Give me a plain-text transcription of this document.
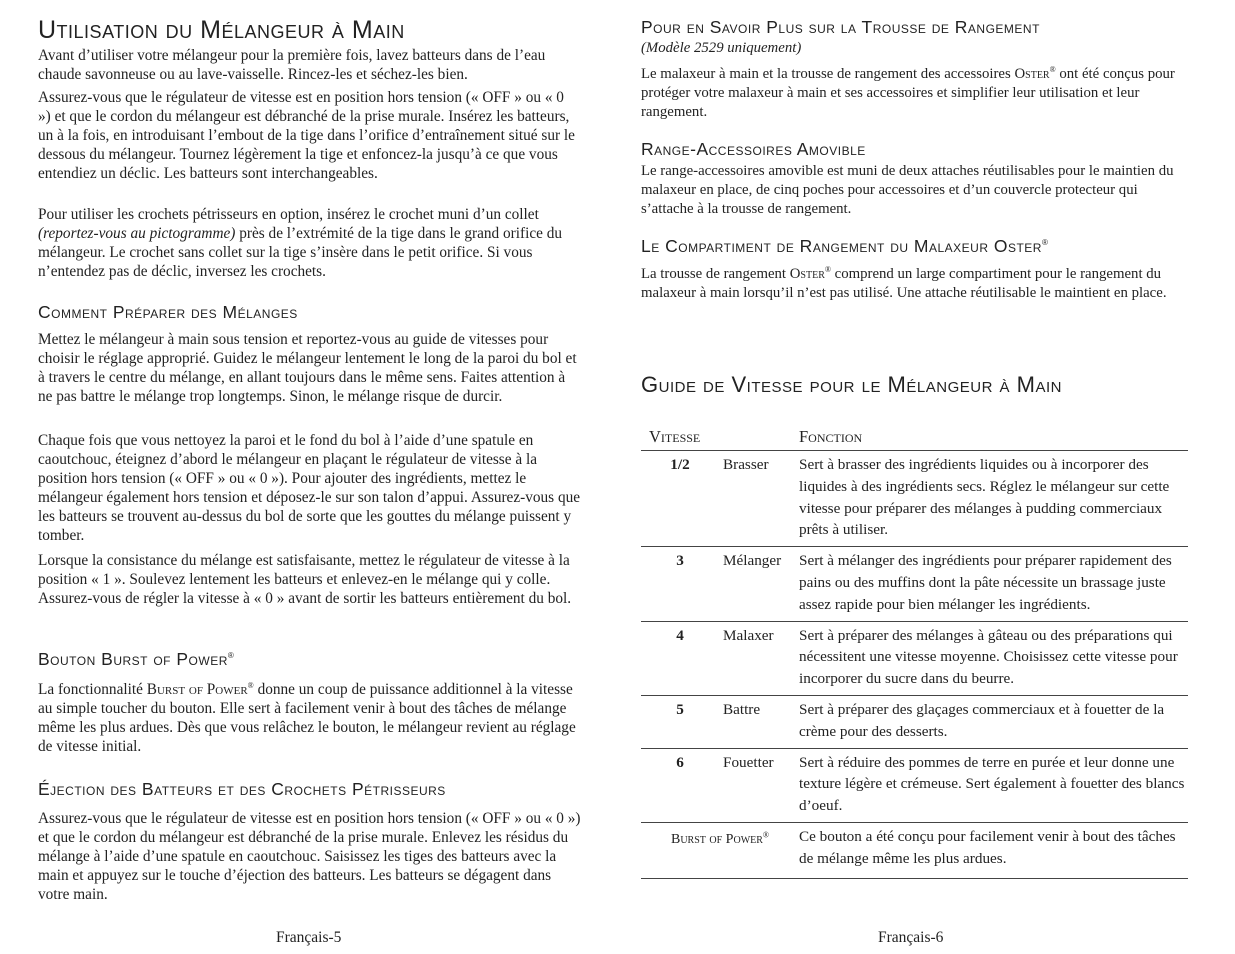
Utilisation du Mélangeur à Main

Avant d’utiliser votre mélangeur pour la première fois, lavez batteurs dans de l’eau chaude savonneuse ou au lave-vaisselle. Rincez-les et séchez-les bien.

Assurez-vous que le régulateur de vitesse est en position hors tension (« OFF » ou « 0 ») et que le cordon du mélangeur est débranché de la prise murale. Insérez les batteurs, un à la fois, en introduisant l’embout de la tige dans l’orifice d’entraînement situé sur le dessous du mélangeur. Tournez légèrement la tige et enfoncez-la jusqu’à ce que vous entendiez un déclic. Les batteurs sont interchangeables.

Pour utiliser les crochets pétrisseurs en option, insérez le crochet muni d’un collet (reportez-vous au pictogramme) près de l’extrémité de la tige dans le grand orifice du mélangeur. Le crochet sans collet sur la tige s’insère dans le petit orifice. Si vous n’entendez pas de déclic, inversez les crochets.

Comment Préparer des Mélanges

Mettez le mélangeur à main sous tension et reportez-vous au guide de vitesses pour choisir le réglage approprié. Guidez le mélangeur lentement le long de la paroi du bol et à travers le centre du mélange, en allant toujours dans le même sens. Faites attention à ne pas battre le mélange trop longtemps. Sinon, le mélange risque de durcir.

Chaque fois que vous nettoyez la paroi et le fond du bol à l’aide d’une spatule en caoutchouc, éteignez d’abord le mélangeur en plaçant le régulateur de vitesse à la position hors tension (« OFF » ou « 0 »). Pour ajouter des ingrédients, mettez le mélangeur également hors tension et déposez-le sur son talon d’appui. Assurez-vous que les batteurs se trouvent au-dessus du bol de sorte que les gouttes du mélange puissent y tomber.

Lorsque la consistance du mélange est satisfaisante, mettez le régulateur de vitesse à la position « 1 ». Soulevez lentement les batteurs et enlevez-en le mélange qui y colle. Assurez-vous de régler la vitesse à « 0 » avant de sortir les batteurs entièrement du bol.

Bouton Burst of Power®

La fonctionnalité Burst of Power® donne un coup de puissance additionnel à la vitesse au simple toucher du bouton. Elle sert à facilement venir à bout des tâches de mélange même les plus ardues. Dès que vous relâchez le bouton, le mélangeur revient au réglage de vitesse initial.

Éjection des Batteurs et des Crochets Pétrisseurs

Assurez-vous que le régulateur de vitesse est en position hors tension (« OFF » ou « 0 ») et que le cordon du mélangeur est débranché de la prise murale. Enlevez les résidus du mélange à l’aide d’une spatule en caoutchouc. Saisissez les tiges des batteurs avec la main et appuyez sur le touche d’éjection des batteurs. Les batteurs se dégagent dans votre main.

Français-5
Pour en Savoir Plus sur la Trousse de Rangement

(Modèle 2529 uniquement)

Le malaxeur à main et la trousse de rangement des accessoires Oster® ont été conçus pour protéger votre malaxeur à main et ses accessoires et simplifier leur utilisation et leur rangement.

Range-Accessoires Amovible

Le range-accessoires amovible est muni de deux attaches réutilisables pour le maintien du malaxeur en place, de cinq poches pour accessoires et d’un couvercle protecteur qui s’attache à la trousse de rangement.

Le Compartiment de Rangement du Malaxeur Oster®

La trousse de rangement Oster® comprend un large compartiment pour le rangement du malaxeur à main lorsqu’il n’est pas utilisé. Une attache réutilisable le maintient en place.

Guide de Vitesse pour le Mélangeur à Main
Vitesse		Fonction
1/2	Brasser	Sert à brasser des ingrédients liquides ou à incorporer des liquides à des ingrédients secs. Réglez le mélangeur sur cette vitesse pour préparer des mélanges à pudding commerciaux prêts à utiliser.
3	Mélanger	Sert à mélanger des ingrédients pour préparer rapidement des pains ou des muffins dont la pâte nécessite un brassage juste assez rapide pour bien mélanger les ingrédients.
4	Malaxer	Sert à préparer des mélanges à gâteau ou des préparations qui nécessitent une vitesse moyenne. Choisissez cette vitesse pour incorporer du sucre dans du beurre.
5	Battre	Sert à préparer des glaçages commerciaux et à fouetter de la crème pour des desserts.
6	Fouetter	Sert à réduire des pommes de terre en purée et leur donne une texture légère et crémeuse. Sert également à fouetter des blancs d’oeuf.
Burst of Power®		Ce bouton a été conçu pour facilement venir à bout des tâches de mélange même les plus ardues.
Français-6
